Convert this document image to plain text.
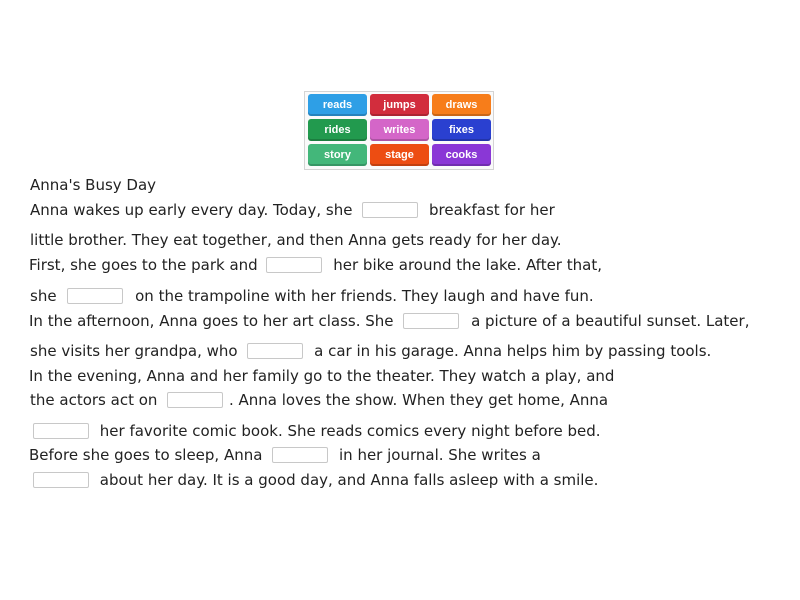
reads	jumps	draws
rides	writes	fixes
story	stage	cooks
Anna's Busy Day
Anna wakes up early every day. Today, she	breakfast for her
little brother. They eat together, and then Anna gets ready for her day.
First, she goes to the park and	her bike around the lake. After that,
she	on the trampoline with her friends. They laugh and have fun.
In the afternoon, Anna goes to her art class. She	a picture of a beautiful sunset. Later,
she visits her grandpa, who	a car in his garage. Anna helps him by passing tools.
In the evening, Anna and her family go to the theater. They watch a play, and
the actors act on	. Anna loves the show. When they get home, Anna
her favorite comic book. She reads comics every night before bed.
Before she goes to sleep, Anna	in her journal. She writes a
about her day. It is a good day, and Anna falls asleep with a smile.
